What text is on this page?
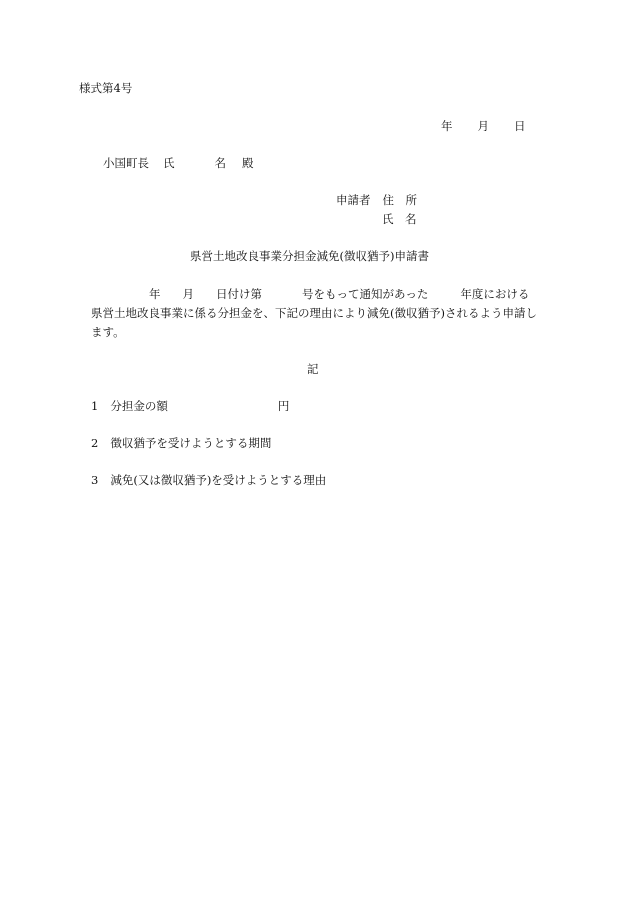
様式第4号
年 月 日
小国町長 氏	名 殿
申請者 住　所
氏　名
県営土地改良事業分担金減免(徴収猶予)申請書
年 月 日付け第	号をもって通知があった	年度における
県営土地改良事業に係る分担金を、下記の理由により減免(徴収猶予)されるよう申請し
ます。
記
1 分担金の額	円
2 徴収猶予を受けようとする期間
3 減免(又は徴収猶予)を受けようとする理由
